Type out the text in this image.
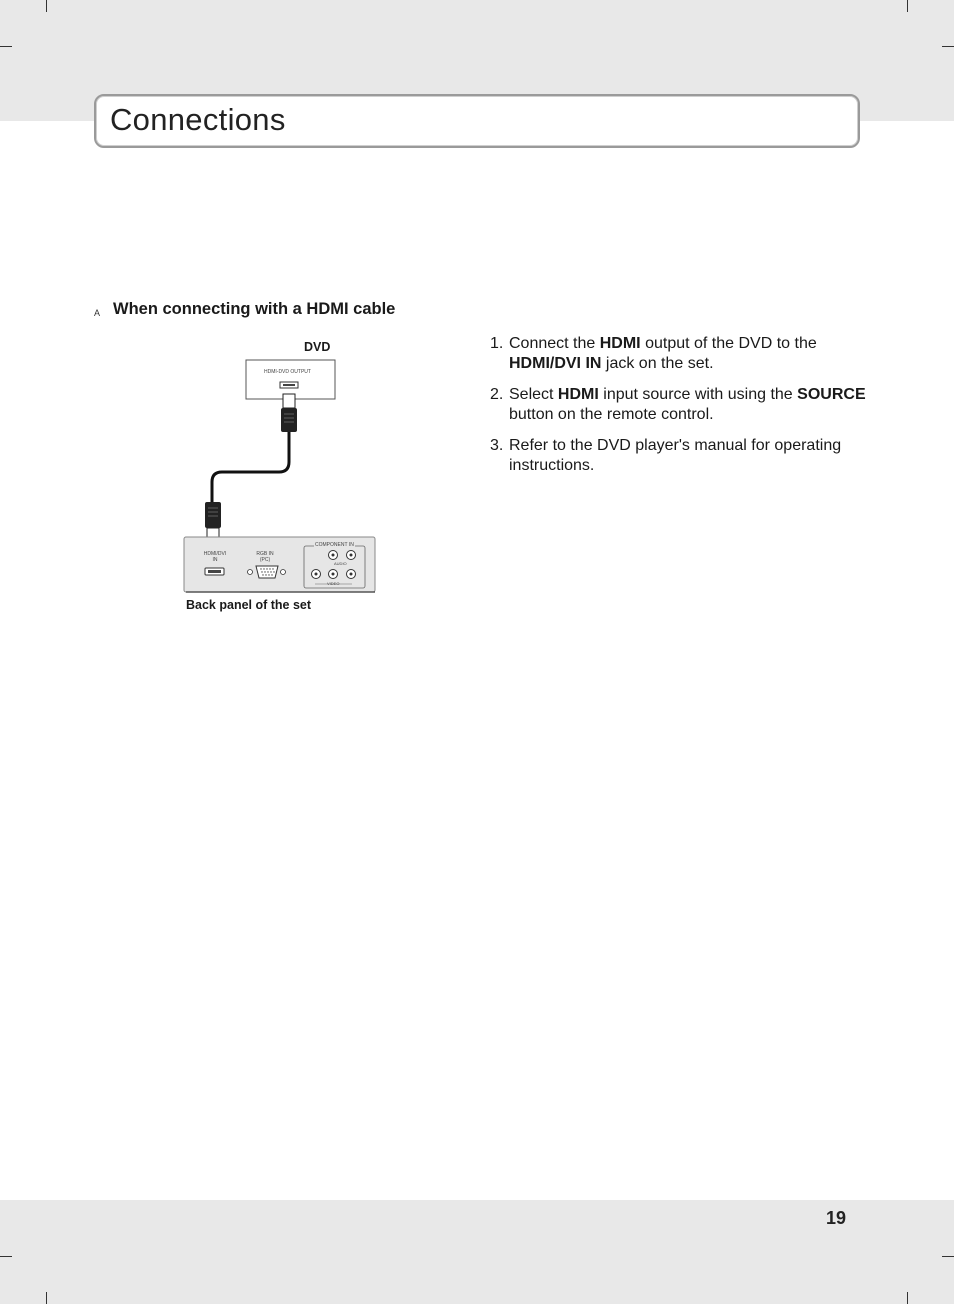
Connections
A When connecting with a HDMI cable
DVD
HDMI-DVD OUTPUT
HDMI/DVI
IN
RGB IN
(PC)
COMPONENT IN
AUDIO
VIDEO
Back panel of the set
1. Connect the HDMI output of the DVD to the HDMI/DVI IN jack on the set.
2. Select HDMI input source with using the SOURCE button on the remote control.
3. Refer to the DVD player's manual for operating instructions.
19
